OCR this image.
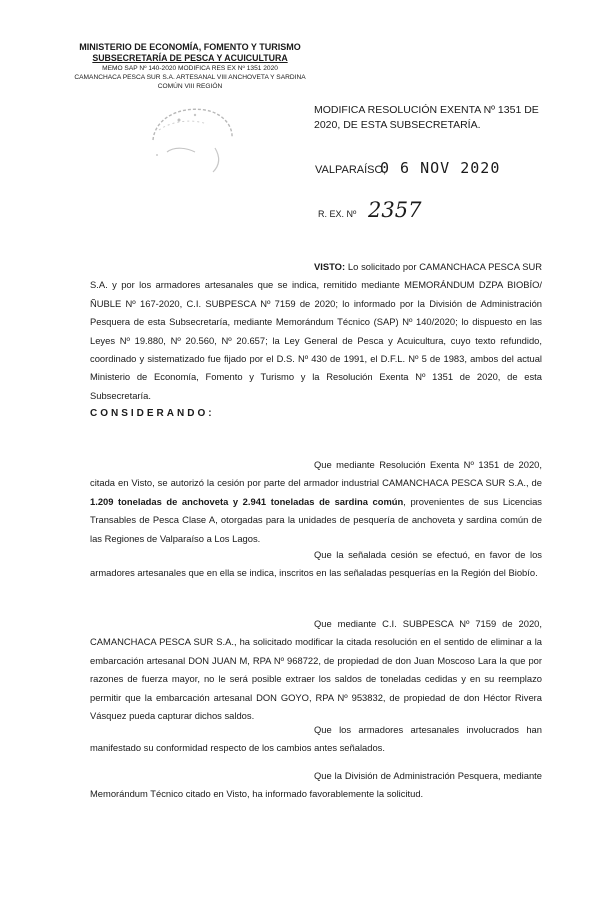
MINISTERIO DE ECONOMÍA, FOMENTO Y TURISMO
SUBSECRETARÍA DE PESCA Y ACUICULTURA
MEMO SAP Nº 140-2020 MODIFICA RES EX Nº 1351 2020
CAMANCHACA PESCA SUR S.A. ARTESANAL VIII ANCHOVETA Y SARDINA
COMÚN VIII REGIÓN
MODIFICA RESOLUCIÓN EXENTA Nº 1351 DE 2020, DE ESTA SUBSECRETARÍA.
VALPARAÍSO,
0 6 NOV 2020
R. EX. Nº 2357
VISTO: Lo solicitado por CAMANCHACA PESCA SUR S.A. y por los armadores artesanales que se indica, remitido mediante MEMORÁNDUM DZPA BIOBÍO/ÑUBLE Nº 167-2020, C.I. SUBPESCA Nº 7159 de 2020; lo informado por la División de Administración Pesquera de esta Subsecretaría, mediante Memorándum Técnico (SAP) Nº 140/2020; lo dispuesto en las Leyes Nº 19.880, Nº 20.560, Nº 20.657; la Ley General de Pesca y Acuicultura, cuyo texto refundido, coordinado y sistematizado fue fijado por el D.S. Nº 430 de 1991, el D.F.L. Nº 5 de 1983, ambos del actual Ministerio de Economía, Fomento y Turismo y la Resolución Exenta Nº 1351 de 2020, de esta Subsecretaría.
CONSIDERANDO:
Que mediante Resolución Exenta Nº 1351 de 2020, citada en Visto, se autorizó la cesión por parte del armador industrial CAMANCHACA PESCA SUR S.A., de 1.209 toneladas de anchoveta y 2.941 toneladas de sardina común, provenientes de sus Licencias Transables de Pesca Clase A, otorgadas para la unidades de pesquería de anchoveta y sardina común de las Regiones de Valparaíso a Los Lagos.
Que la señalada cesión se efectuó, en favor de los armadores artesanales que en ella se indica, inscritos en las señaladas pesquerías en la Región del Biobío.
Que mediante C.I. SUBPESCA Nº 7159 de 2020, CAMANCHACA PESCA SUR S.A., ha solicitado modificar la citada resolución en el sentido de eliminar a la embarcación artesanal DON JUAN M, RPA Nº 968722, de propiedad de don Juan Moscoso Lara la que por razones de fuerza mayor, no le será posible extraer los saldos de toneladas cedidas y en su reemplazo permitir que la embarcación artesanal DON GOYO, RPA Nº 953832, de propiedad de don Héctor Rivera Vásquez pueda capturar dichos saldos.
Que los armadores artesanales involucrados han manifestado su conformidad respecto de los cambios antes señalados.
Que la División de Administración Pesquera, mediante Memorándum Técnico citado en Visto, ha informado favorablemente la solicitud.
